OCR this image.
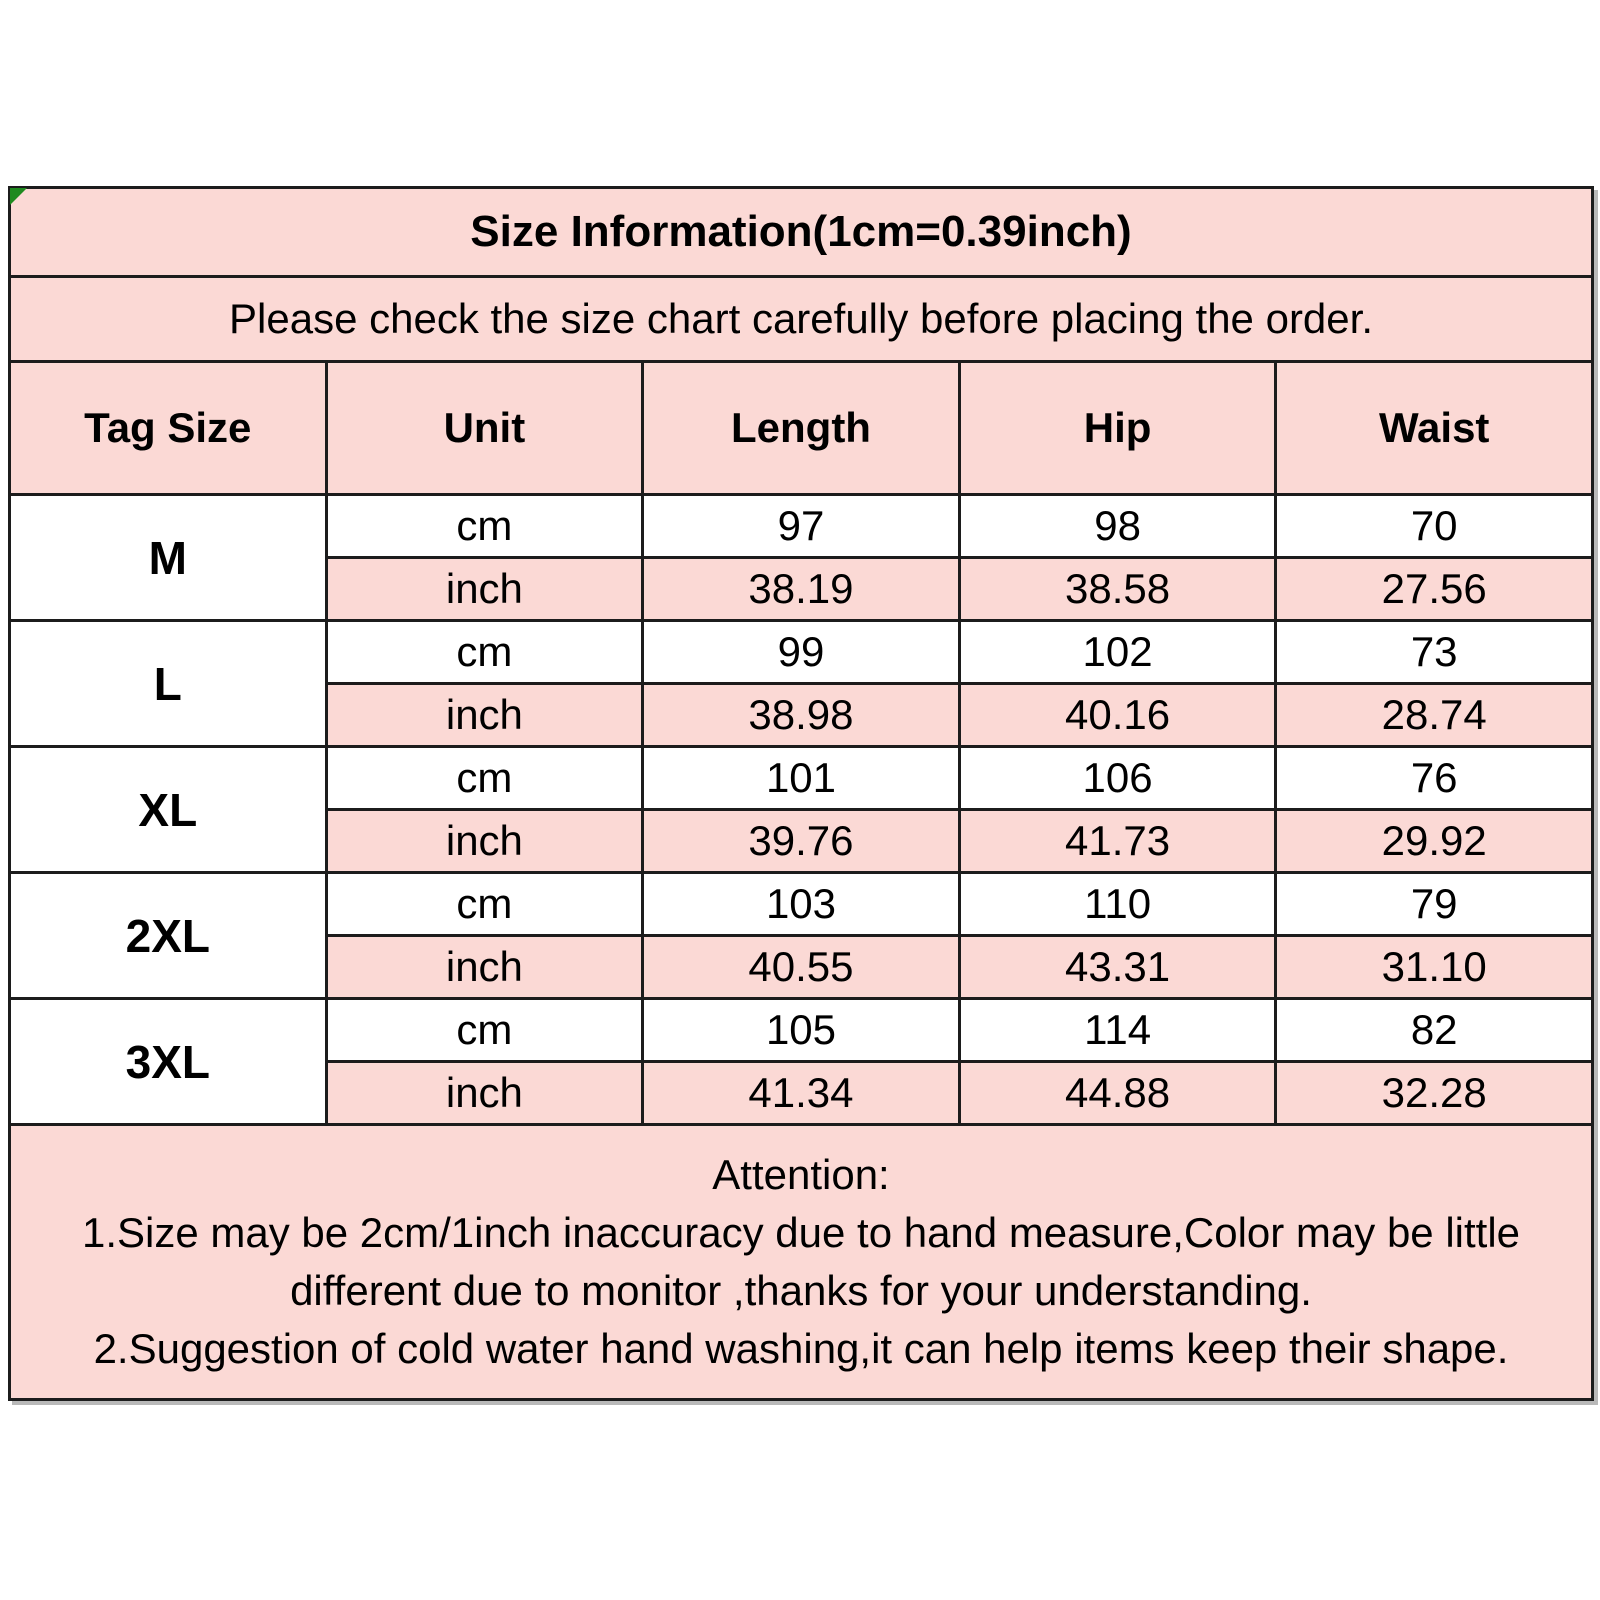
Size Information(1cm=0.39inch)				
Please check the size chart carefully before placing the order.				
Tag Size	Unit	Length	Hip	Waist
M	cm	97	98	70
	inch	38.19	38.58	27.56
L	cm	99	102	73
	inch	38.98	40.16	28.74
XL	cm	101	106	76
	inch	39.76	41.73	29.92
2XL	cm	103	110	79
	inch	40.55	43.31	31.10
3XL	cm	105	114	82
	inch	41.34	44.88	32.28

Attention:
1.Size may be 2cm/1inch inaccuracy due to hand measure,Color may be little different due to monitor ,thanks for your understanding.
2.Suggestion of cold water hand washing,it can help items keep their shape.				
